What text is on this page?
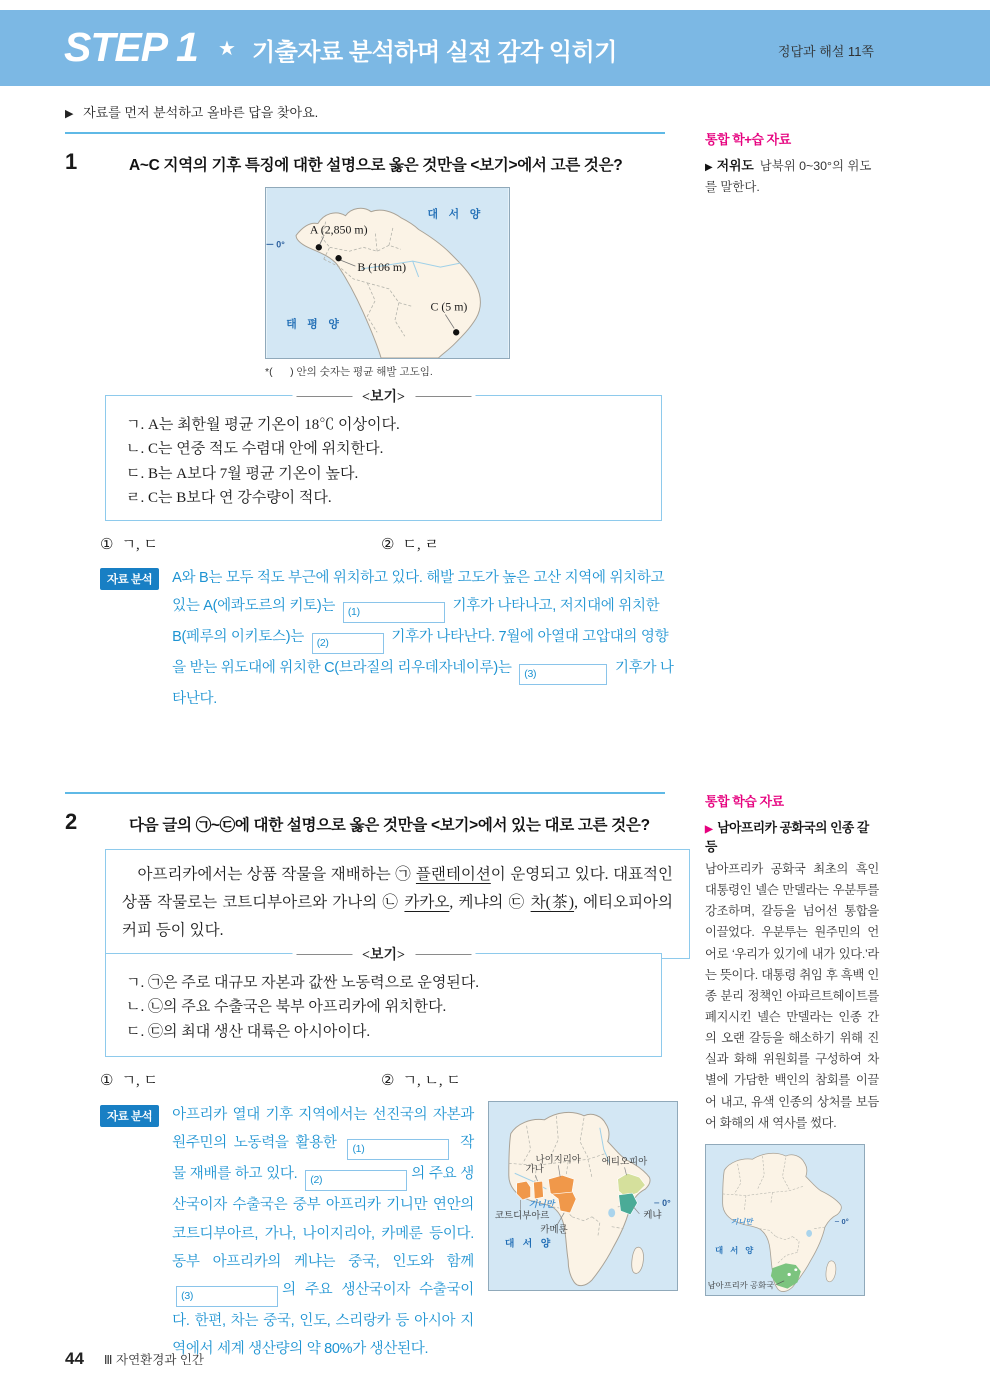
STEP 1 ★ 기출자료 분석하며 실전 감각 익히기	정답과 해설 11쪽
▶ 자료를 먼저 분석하고 올바른 답을 찾아요.
1	A~C 지역의 기후 특징에 대한 설명으로 옳은 것만을 <보기>에서 고른 것은?
0°
대 서 양
태 평 양
A (2,850 m)
B (106 m)
C (5 m)
*(      ) 안의 숫자는 평균 해발 고도임.
<보기>
ㄱ. A는 최한월 평균 기온이 18℃ 이상이다.
ㄴ. C는 연중 적도 수렴대 안에 위치한다.
ㄷ. B는 A보다 7월 평균 기온이 높다.
ㄹ. C는 B보다 연 강수량이 적다.
① ㄱ, ㄷ	② ㄷ, ㄹ
자료 분석	A와 B는 모두 적도 부근에 위치하고 있다. 해발 고도가 높은 고산 지역에 위치하고 있는 A(에콰도르의 키토)는 (1)	기후가 나타나고, 저지대에 위치한 B(페루의 이키토스)는 (2)	기후가 나타난다. 7월에 아열대 고압대의 영향을 받는 위도대에 위치한 C(브라질의 리우데자네이루)는 (3)	기후가 나타난다.
통합 학+습 자료
▶ 저위도 남북위 0~30°의 위도를 말한다.
2	다음 글의 ㉠~㉢에 대한 설명으로 옳은 것만을 <보기>에서 있는 대로 고른 것은?

아프리카에서는 상품 작물을 재배하는 ㉠ 플랜테이션이 운영되고 있다. 대표적인 상품 작물로는 코트디부아르와 가나의 ㉡ 카카오, 케냐의 ㉢ 차(茶), 에티오피아의 커피 등이 있다.

<보기>
ㄱ. ㉠은 주로 대규모 자본과 값싼 노동력으로 운영된다.
ㄴ. ㉡의 주요 수출국은 북부 아프리카에 위치한다.
ㄷ. ㉢의 최대 생산 대륙은 아시아이다.
① ㄱ, ㄷ	② ㄱ, ㄴ, ㄷ
자료 분석	아프리카 열대 기후 지역에서는 선진국의 자본과 원주민의 노동력을 활용한 (1)	작물 재배를 하고 있다. (2)	의 주요 생산국이자 수출국은 중부 아프리카 기니만 연안의 코트디부아르, 가나, 나이지리아, 카메룬 등이다. 동부 아프리카의 케냐는 중국, 인도와 함께
(3)	의 주요 생산국이자 수출국이다. 한편, 차는 중국, 인도, 스리랑카 등 아시아 지역에서 세계 생산량의 약 80%가 생산된다.
나이지리아
가나
에티오피아
기니만
코트디부아르
카메룬
케냐
대 서 양
0°
통합 학습 자료
▶ 남아프리카 공화국의 인종 갈등

남아프리카 공화국 최초의 흑인 대통령인 넬슨 만델라는 우분투를 강조하며, 갈등을 넘어선 통합을 이끌었다. 우분투는 원주민의 언어로 ‘우리가 있기에 내가 있다.’라는 뜻이다. 대통령 취임 후 흑백 인종 분리 정책인 아파르트헤이트를 폐지시킨 넬슨 만델라는 인종 간의 오랜 갈등을 해소하기 위해 진실과 화해 위원회를 구성하여 차별에 가담한 백인의 참회를 이끌어 내고, 유색 인종의 상처를 보듬어 화해의 새 역사를 썼다.

기니만
대 서 양
0°
남아프리카 공화국
44 Ⅲ 자연환경과 인간
